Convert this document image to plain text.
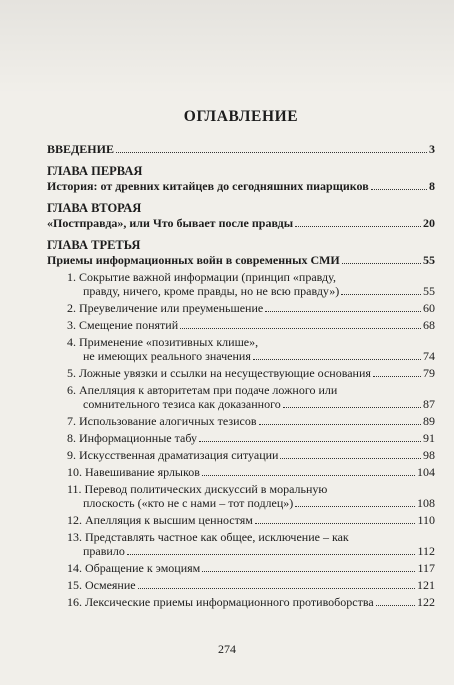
ОГЛАВЛЕНИЕ
ВВЕДЕНИЕ	3
ГЛАВА ПЕРВАЯ
История: от древних китайцев до сегодняшних пиарщиков	8
ГЛАВА ВТОРАЯ
«Постправда», или Что бывает после правды	20
ГЛАВА ТРЕТЬЯ
Приемы информационных войн в современных СМИ	55
1. Сокрытие важной информации (принцип «правду,
правду, ничего, кроме правды, но не всю правду»)	55
2. Преувеличение или преуменьшение	60
3. Смещение понятий	68
4. Применение «позитивных клише»,
не имеющих реального значения	74
5. Ложные увязки и ссылки на несуществующие основания	79
6. Апелляция к авторитетам при подаче ложного или
сомнительного тезиса как доказанного	87
7. Использование алогичных тезисов	89
8. Информационные табу	91
9. Искусственная драматизация ситуации	98
10. Навешивание ярлыков	104
11. Перевод политических дискуссий в моральную
плоскость («кто не с нами – тот подлец»)	108
12. Апелляция к высшим ценностям	110
13. Представлять частное как общее, исключение – как
правило	112
14. Обращение к эмоциям	117
15. Осмеяние	121
16. Лексические приемы информационного противоборства	122
274
